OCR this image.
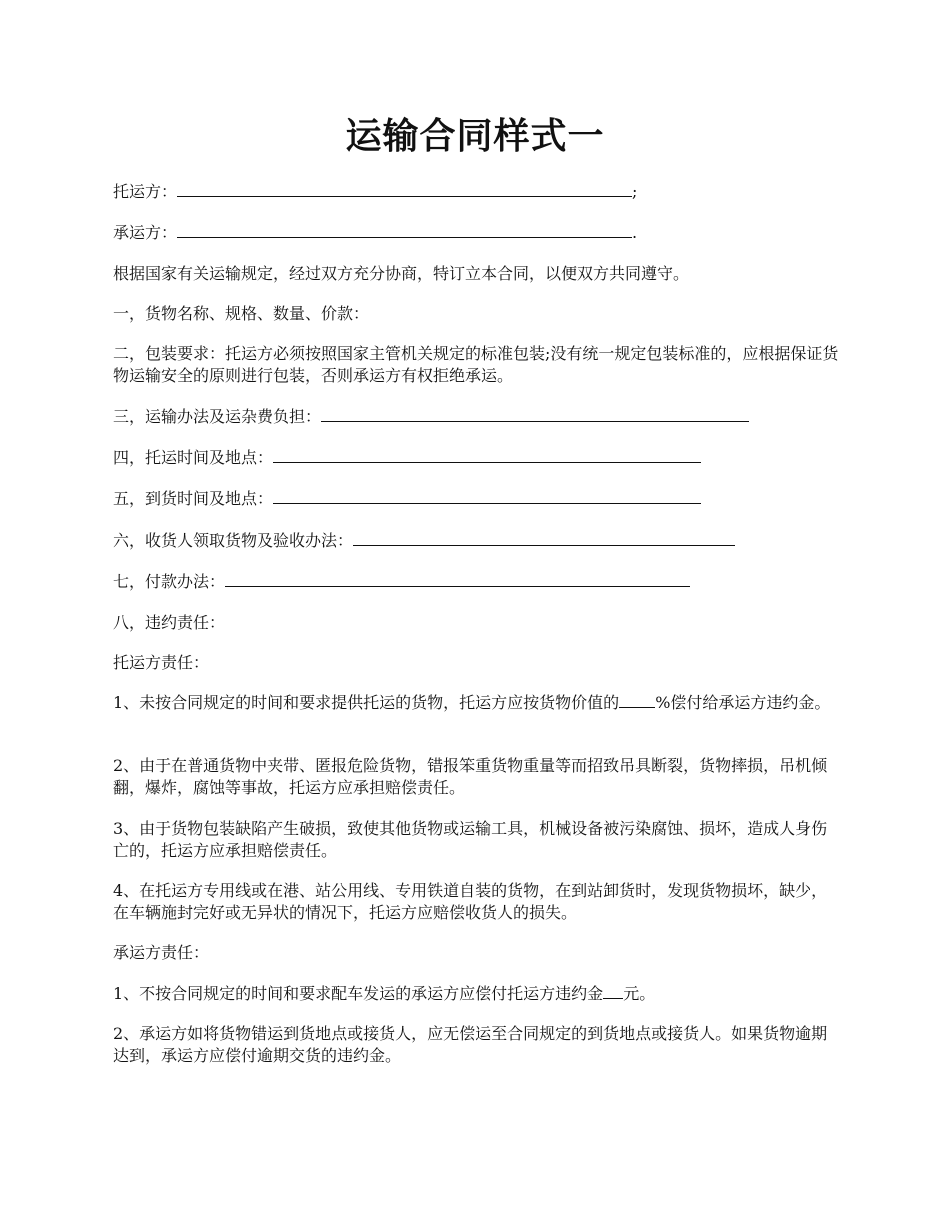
运输合同样式一

托运方：	;

承运方：	.

根据国家有关运输规定，经过双方充分协商，特订立本合同，以便双方共同遵守。

一，货物名称、规格、数量、价款：

二，包装要求：托运方必须按照国家主管机关规定的标准包装;没有统一规定包装标准的，应根据保证货物运输安全的原则进行包装，否则承运方有权拒绝承运。

三，运输办法及运杂费负担：

四，托运时间及地点：

五，到货时间及地点：

六，收货人领取货物及验收办法：

七，付款办法：

八，违约责任：

托运方责任：

1、未按合同规定的时间和要求提供托运的货物，托运方应按货物价值的 %偿付给承运方违约金。

2、由于在普通货物中夹带、匿报危险货物，错报笨重货物重量等而招致吊具断裂，货物摔损，吊机倾翻，爆炸，腐蚀等事故，托运方应承担赔偿责任。

3、由于货物包装缺陷产生破损，致使其他货物或运输工具，机械设备被污染腐蚀、损坏，造成人身伤亡的，托运方应承担赔偿责任。

4、在托运方专用线或在港、站公用线、专用铁道自装的货物，在到站卸货时，发现货物损坏，缺少，在车辆施封完好或无异状的情况下，托运方应赔偿收货人的损失。

承运方责任：

1、不按合同规定的时间和要求配车发运的承运方应偿付托运方违约金 元。

2、承运方如将货物错运到货地点或接货人，应无偿运至合同规定的到货地点或接货人。如果货物逾期达到，承运方应偿付逾期交货的违约金。
